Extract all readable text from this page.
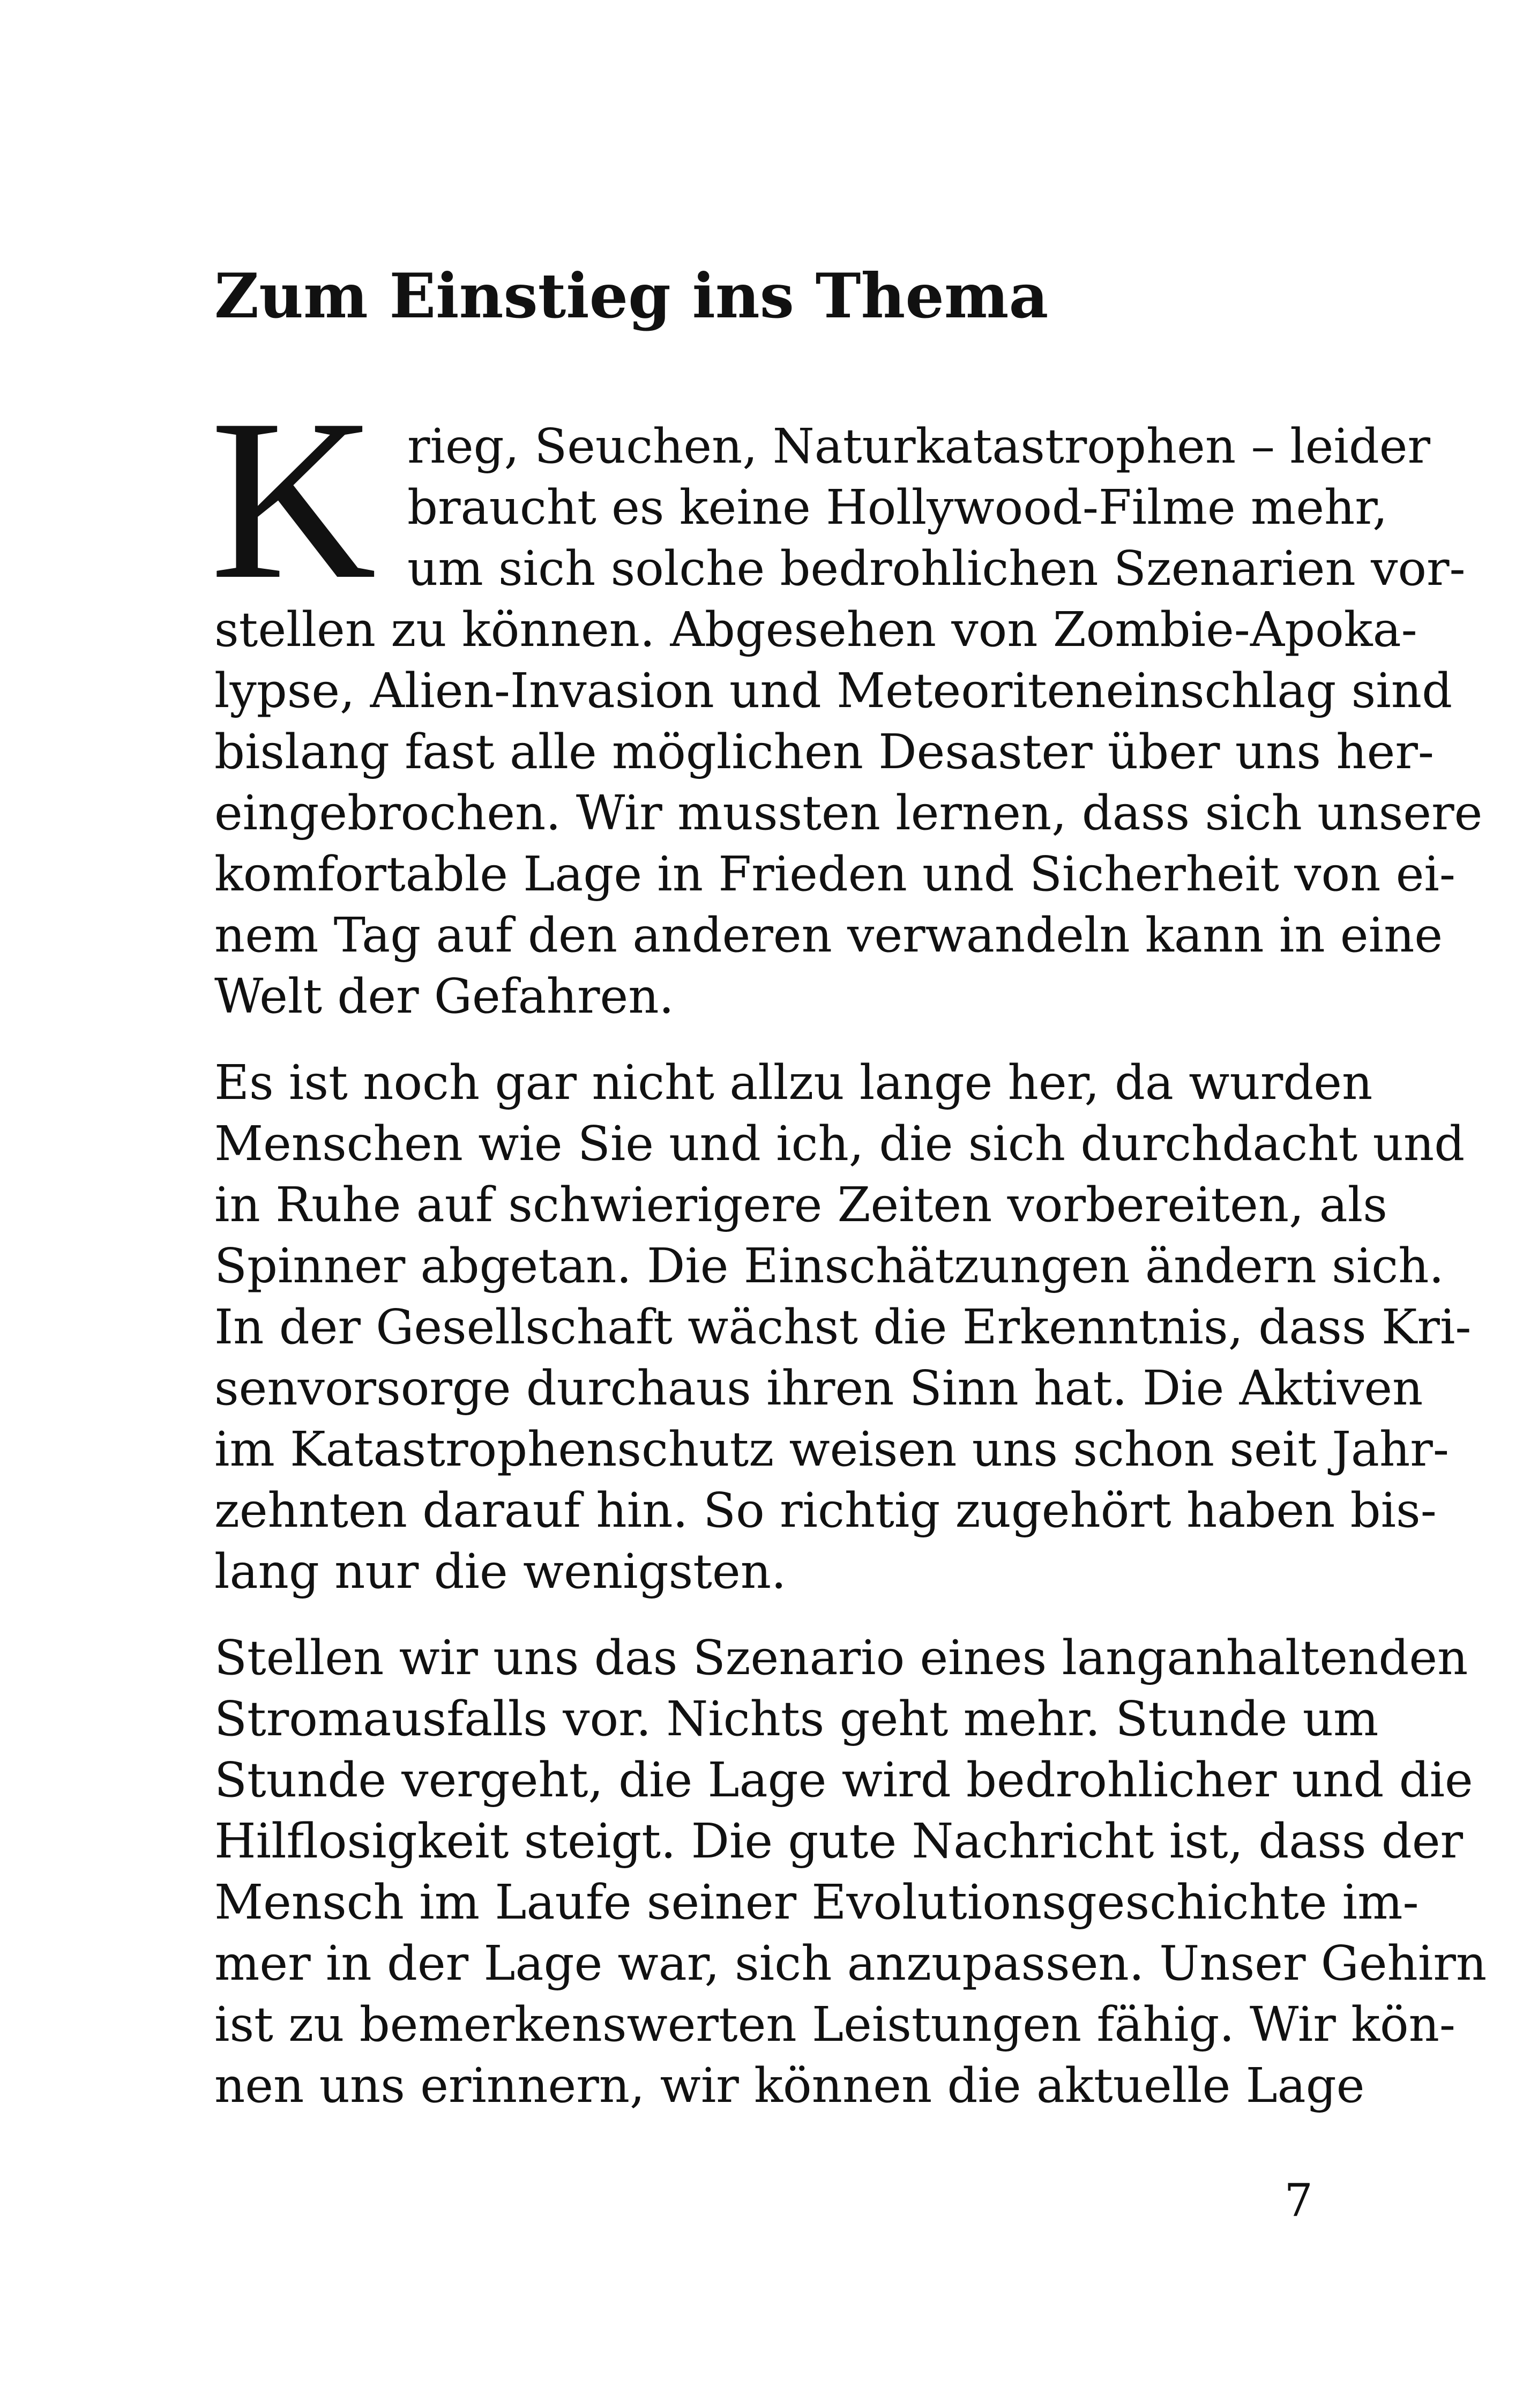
Zum Einstieg ins Thema
K rieg, Seuchen, Naturkatastrophen – leider
braucht es keine Hollywood-Filme mehr,
um sich solche bedrohlichen Szenarien vor-
stellen zu können. Abgesehen von Zombie-Apoka-
lypse, Alien-Invasion und Meteoriteneinschlag sind
bislang fast alle möglichen Desaster über uns her-
eingebrochen. Wir mussten lernen, dass sich unsere
komfortable Lage in Frieden und Sicherheit von ei-
nem Tag auf den anderen verwandeln kann in eine
Welt der Gefahren.
Es ist noch gar nicht allzu lange her, da wurden
Menschen wie Sie und ich, die sich durchdacht und
in Ruhe auf schwierigere Zeiten vorbereiten, als
Spinner abgetan. Die Einschätzungen ändern sich.
In der Gesellschaft wächst die Erkenntnis, dass Kri-
senvorsorge durchaus ihren Sinn hat. Die Aktiven
im Katastrophenschutz weisen uns schon seit Jahr-
zehnten darauf hin. So richtig zugehört haben bis-
lang nur die wenigsten.
Stellen wir uns das Szenario eines langanhaltenden
Stromausfalls vor. Nichts geht mehr. Stunde um
Stunde vergeht, die Lage wird bedrohlicher und die
Hilflosigkeit steigt. Die gute Nachricht ist, dass der
Mensch im Laufe seiner Evolutionsgeschichte im-
mer in der Lage war, sich anzupassen. Unser Gehirn
ist zu bemerkenswerten Leistungen fähig. Wir kön-
nen uns erinnern, wir können die aktuelle Lage
7
